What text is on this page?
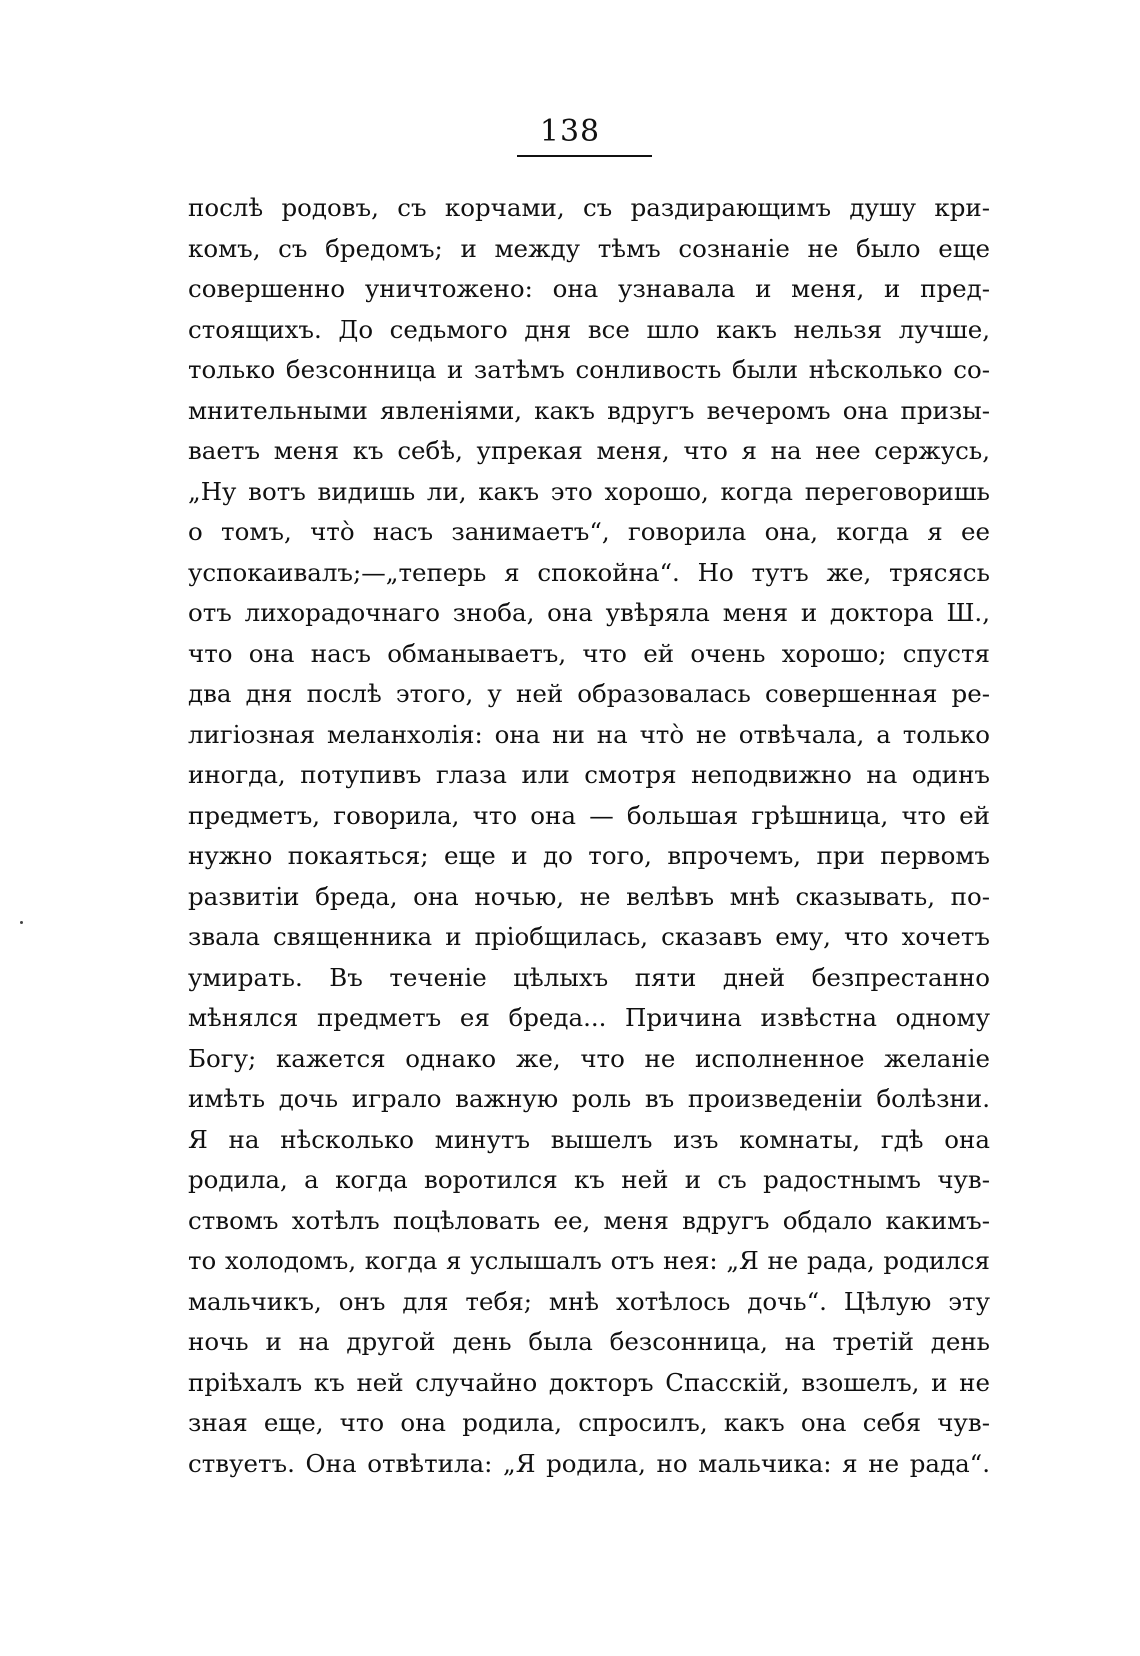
138
послѣ родовъ, съ корчами, съ раздирающимъ душу кри-
комъ, съ бредомъ; и между тѣмъ сознаніе не было еще
совершенно уничтожено: она узнавала и меня, и пред-
стоящихъ. До седьмого дня все шло какъ нельзя лучше,
только безсонница и затѣмъ сонливость были нѣсколько со-
мнительными явленіями, какъ вдругъ вечеромъ она призы-
ваетъ меня къ себѣ, упрекая меня, что я на нее сержусь,
„Ну вотъ видишь ли, какъ это хорошо, когда переговоришь
о томъ, что̀ насъ занимаетъ“, говорила она, когда я ее
успокаивалъ;—„теперь я спокойна“. Но тутъ же, трясясь
отъ лихорадочнаго зноба, она увѣряла меня и доктора Ш.,
что она насъ обманываетъ, что ей очень хорошо; спустя
два дня послѣ этого, у ней образовалась совершенная ре-
лигіозная меланхолія: она ни на что̀ не отвѣчала, а только
иногда, потупивъ глаза или смотря неподвижно на одинъ
предметъ, говорила, что она — большая грѣшница, что ей
нужно покаяться; еще и до того, впрочемъ, при первомъ
развитіи бреда, она ночью, не велѣвъ мнѣ сказывать, по-
звала священника и пріобщилась, сказавъ ему, что хочетъ
умирать. Въ теченіе цѣлыхъ пяти дней безпрестанно
мѣнялся предметъ ея бреда... Причина извѣстна одному
Богу; кажется однако же, что не исполненное желаніе
имѣть дочь играло важную роль въ произведеніи болѣзни.
Я на нѣсколько минутъ вышелъ изъ комнаты, гдѣ она
родила, а когда воротился къ ней и съ радостнымъ чув-
ствомъ хотѣлъ поцѣловать ее, меня вдругъ обдало какимъ-
то холодомъ, когда я услышалъ отъ нея: „Я не рада, родился
мальчикъ, онъ для тебя; мнѣ хотѣлось дочь“. Цѣлую эту
ночь и на другой день была безсонница, на третій день
пріѣхалъ къ ней случайно докторъ Спасскій, взошелъ, и не
зная еще, что она родила, спросилъ, какъ она себя чув-
ствуетъ. Она отвѣтила: „Я родила, но мальчика: я не рада“.
